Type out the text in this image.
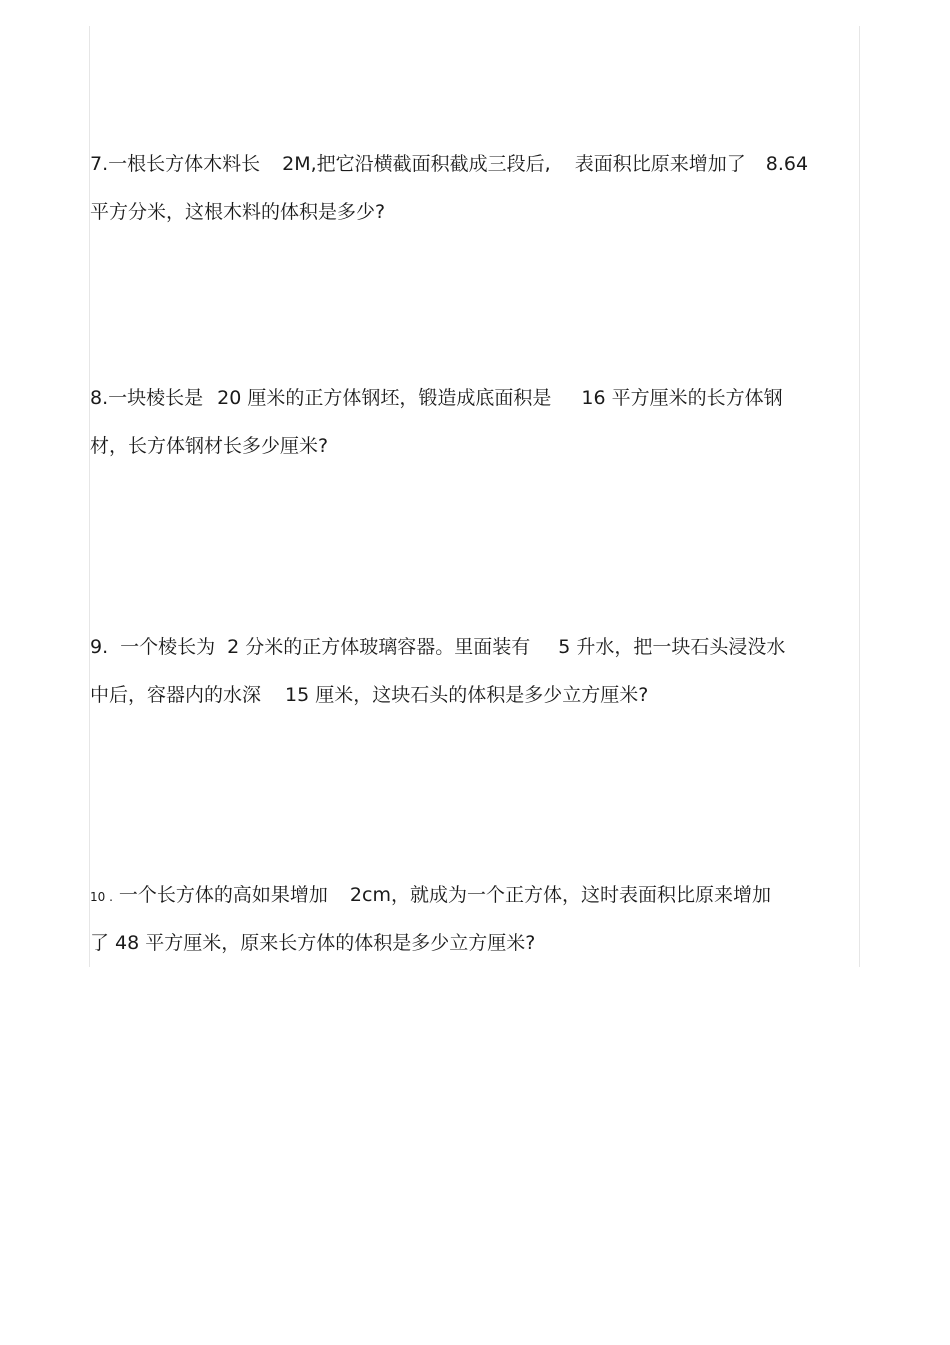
7.一根长方体木料长 2M,把它沿横截面积截成三段后, 表面积比原来增加了 8.64
平方分米，这根木料的体积是多少?
8.一块棱长是 20 厘米的正方体钢坯，锻造成底面积是 16 平方厘米的长方体钢
材，长方体钢材长多少厘米?
9. 一个棱长为 2 分米的正方体玻璃容器。里面装有 5 升水，把一块石头浸没水
中后，容器内的水深 15 厘米，这块石头的体积是多少立方厘米?
10 . 一个长方体的高如果增加 2cm，就成为一个正方体，这时表面积比原来增加
了 48 平方厘米，原来长方体的体积是多少立方厘米?
